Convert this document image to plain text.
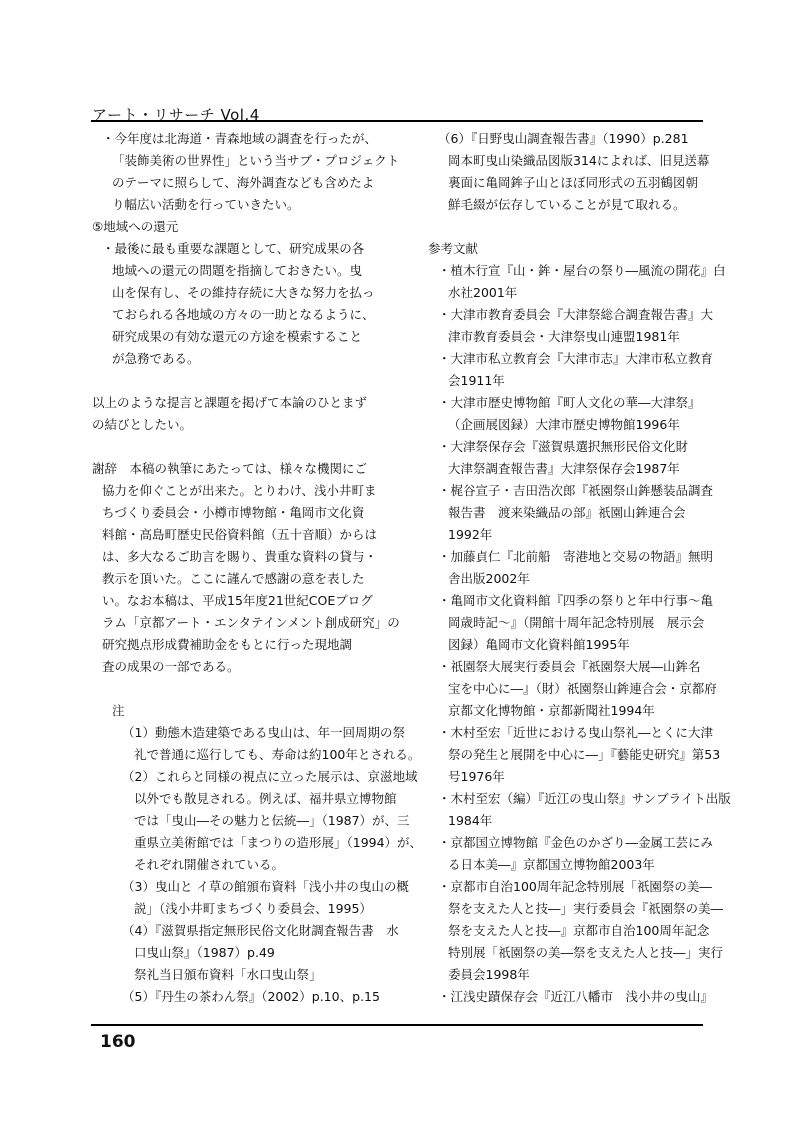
アート・リサーチ Vol.4
・今年度は北海道・青森地域の調査を行ったが、
「装飾美術の世界性」という当サブ・プロジェクト
のテーマに照らして、海外調査なども含めたよ
り幅広い活動を行っていきたい。
⑤地域への還元
・最後に最も重要な課題として、研究成果の各
地域への還元の問題を指摘しておきたい。曳
山を保有し、その維持存続に大きな努力を払っ
ておられる各地域の方々の一助となるように、
研究成果の有効な還元の方途を模索すること
が急務である。
以上のような提言と課題を掲げて本論のひとまず
の結びとしたい。
謝辞　本稿の執筆にあたっては、様々な機関にご
協力を仰ぐことが出来た。とりわけ、浅小井町ま
ちづくり委員会・小樽市博物館・亀岡市文化資
料館・高島町歴史民俗資料館（五十音順）からは
は、多大なるご助言を賜り、貴重な資料の貸与・
教示を頂いた。ここに謹んで感謝の意を表した
い。なお本稿は、平成15年度21世紀COEプログ
ラム「京都アート・エンタテインメント創成研究」の
研究拠点形成費補助金をもとに行った現地調
査の成果の一部である。
注
（1）動態木造建築である曳山は、年一回周期の祭
礼で普通に巡行しても、寿命は約100年とされる。
（2）これらと同様の視点に立った展示は、京滋地域
以外でも散見される。例えば、福井県立博物館
では「曳山―その魅力と伝統―」（1987）が、三
重県立美術館では「まつりの造形展」（1994）が、
それぞれ開催されている。
（3）曳山と イ草の館頒布資料「浅小井の曳山の概
説」（浅小井町まちづくり委員会、1995）
（4）『滋賀県指定無形民俗文化財調査報告書　水
口曳山祭』（1987）p.49
祭礼当日頒布資料「水口曳山祭」
（5）『丹生の茶わん祭』（2002）p.10、p.15
（6）『日野曳山調査報告書』（1990）p.281
岡本町曳山染織品図版314によれば、旧見送幕
裏面に亀岡鉾子山とほぼ同形式の五羽鶴図朝
鮮毛綴が伝存していることが見て取れる。
参考文献
・植木行宣『山・鉾・屋台の祭り―風流の開花』白
水社2001年
・大津市教育委員会『大津祭総合調査報告書』大
津市教育委員会・大津祭曳山連盟1981年
・大津市私立教育会『大津市志』大津市私立教育
会1911年
・大津市歴史博物館『町人文化の華―大津祭』
（企画展図録）大津市歴史博物館1996年
・大津祭保存会『滋賀県選択無形民俗文化財
大津祭調査報告書』大津祭保存会1987年
・梶谷宣子・吉田浩次郎『祇園祭山鉾懸装品調査
報告書　渡来染織品の部』祇園山鉾連合会
1992年
・加藤貞仁『北前船　寄港地と交易の物語』無明
舎出版2002年
・亀岡市文化資料館『四季の祭りと年中行事～亀
岡歳時記～』（開館十周年記念特別展　展示会
図録）亀岡市文化資料館1995年
・祇園祭大展実行委員会『祇園祭大展―山鉾名
宝を中心に―』（財）祇園祭山鉾連合会・京都府
京都文化博物館・京都新聞社1994年
・木村至宏「近世における曳山祭礼―とくに大津
祭の発生と展開を中心に―」『藝能史研究』第53
号1976年
・木村至宏（編）『近江の曳山祭』サンブライト出版
1984年
・京都国立博物館『金色のかざり―金属工芸にみ
る日本美―』京都国立博物館2003年
・京都市自治100周年記念特別展「祇園祭の美―
祭を支えた人と技―」実行委員会『祇園祭の美―
祭を支えた人と技―』京都市自治100周年記念
特別展「祇園祭の美―祭を支えた人と技―」実行
委員会1998年
・江浅史蹟保存会『近江八幡市　浅小井の曳山』
160
